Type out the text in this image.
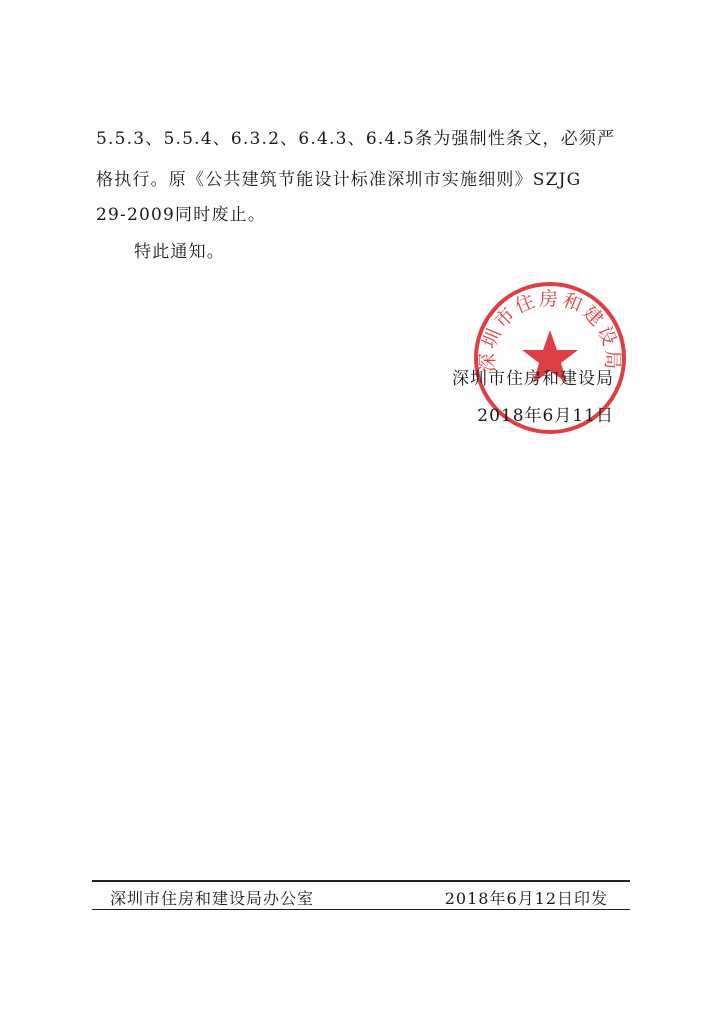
5.5.3、5.5.4、6.3.2、6.4.3、6.4.5条为强制性条文，必须严
格执行。原《公共建筑节能设计标准深圳市实施细则》SZJG
29-2009同时废止。
特此通知。
深圳市住房和建设局
深圳市住房和建设局
2018年6月11日
深圳市住房和建设局办公室	2018年6月12日印发
